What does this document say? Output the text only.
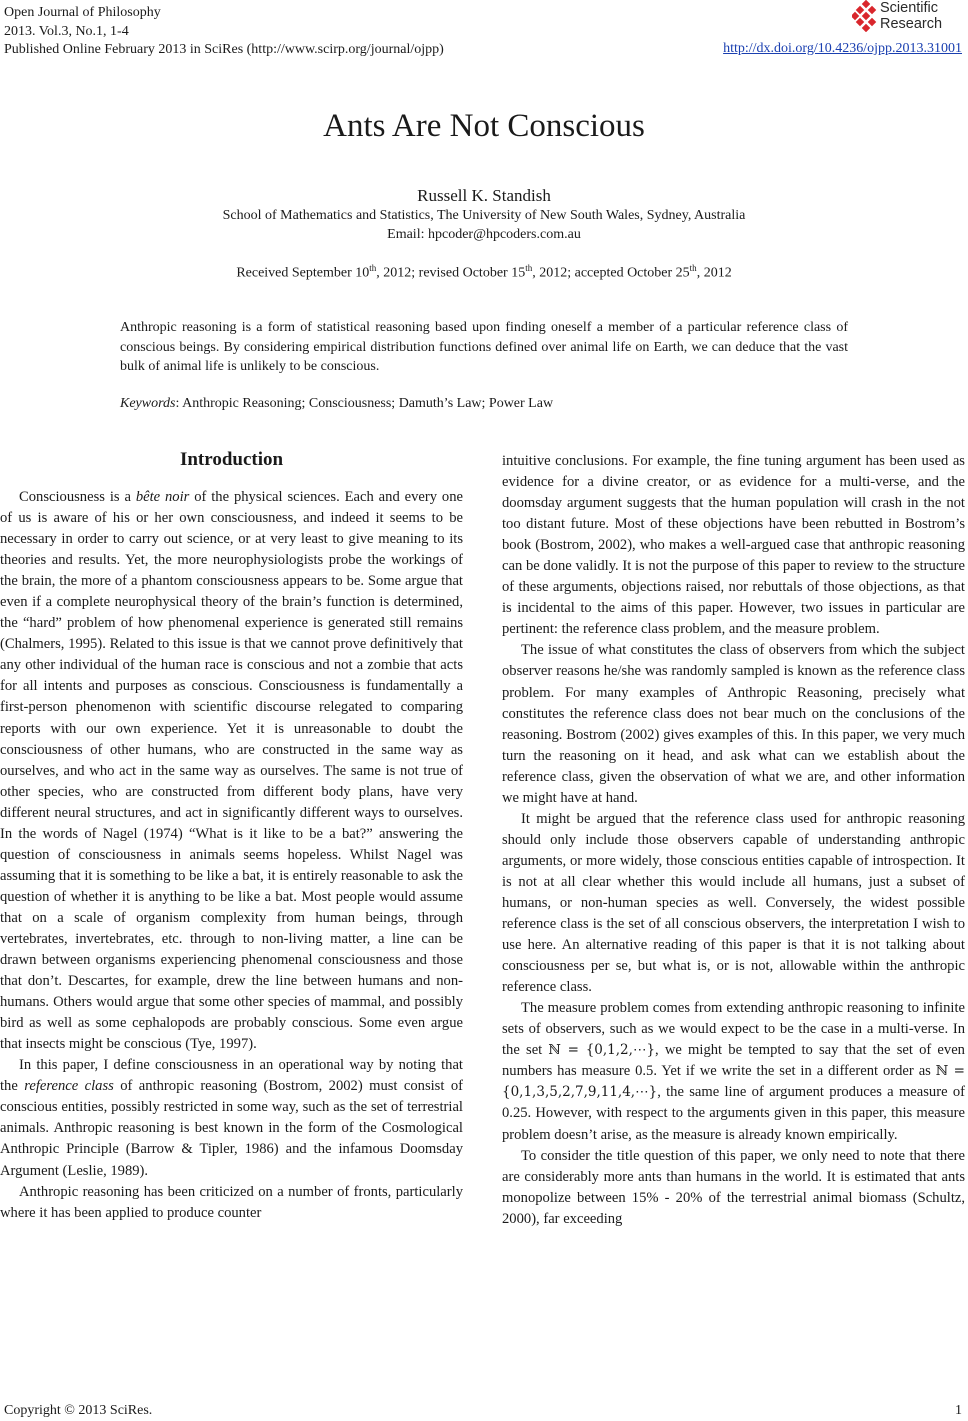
Open Journal of Philosophy
2013. Vol.3, No.1, 1-4
Published Online February 2013 in SciRes (http://www.scirp.org/journal/ojpp)
Scientific
Research
http://dx.doi.org/10.4236/ojpp.2013.31001
Ants Are Not Conscious
Russell K. Standish
School of Mathematics and Statistics, The University of New South Wales, Sydney, Australia
Email: hpcoder@hpcoders.com.au
Received September 10th, 2012; revised October 15th, 2012; accepted October 25th, 2012
Anthropic reasoning is a form of statistical reasoning based upon finding oneself a member of a particular reference class of conscious beings. By considering empirical distribution functions defined over animal life on Earth, we can deduce that the vast bulk of animal life is unlikely to be conscious.
Keywords: Anthropic Reasoning; Consciousness; Damuth’s Law; Power Law
Introduction

Consciousness is a bête noir of the physical sciences. Each and every one of us is aware of his or her own consciousness, and indeed it seems to be necessary in order to carry out science, or at very least to give meaning to its theories and results. Yet, the more neurophysiologists probe the workings of the brain, the more of a phantom consciousness appears to be. Some argue that even if a complete neurophysical theory of the brain’s function is determined, the “hard” problem of how phenomenal experience is generated still remains (Chalmers, 1995). Related to this issue is that we cannot prove definitively that any other individual of the human race is conscious and not a zombie that acts for all intents and purposes as conscious. Consciousness is fundamentally a first-person phenomenon with scientific discourse relegated to comparing reports with our own experience. Yet it is unreasonable to doubt the consciousness of other humans, who are constructed in the same way as ourselves, and who act in the same way as ourselves. The same is not true of other species, who are constructed from different body plans, have very different neural structures, and act in significantly different ways to ourselves. In the words of Nagel (1974) “What is it like to be a bat?” answering the question of consciousness in animals seems hopeless. Whilst Nagel was assuming that it is something to be like a bat, it is entirely reasonable to ask the question of whether it is anything to be like a bat. Most people would assume that on a scale of organism complexity from human beings, through vertebrates, invertebrates, etc. through to non-living matter, a line can be drawn between organisms experiencing phenomenal consciousness and those that don’t. Descartes, for example, drew the line between humans and non-humans. Others would argue that some other species of mammal, and possibly bird as well as some cephalopods are probably conscious. Some even argue that insects might be conscious (Tye, 1997).

In this paper, I define consciousness in an operational way by noting that the reference class of anthropic reasoning (Bostrom, 2002) must consist of conscious entities, possibly restricted in some way, such as the set of terrestrial animals. Anthropic reasoning is best known in the form of the Cosmological Anthropic Principle (Barrow & Tipler, 1986) and the infamous Doomsday Argument (Leslie, 1989).

Anthropic reasoning has been criticized on a number of fronts, particularly where it has been applied to produce counter

intuitive conclusions. For example, the fine tuning argument has been used as evidence for a divine creator, or as evidence for a multi-verse, and the doomsday argument suggests that the human population will crash in the not too distant future. Most of these objections have been rebutted in Bostrom’s book (Bostrom, 2002), who makes a well-argued case that anthropic reasoning can be done validly. It is not the purpose of this paper to review to the structure of these arguments, objections raised, nor rebuttals of those objections, as that is incidental to the aims of this paper. However, two issues in particular are pertinent: the reference class problem, and the measure problem.

The issue of what constitutes the class of observers from which the subject observer reasons he/she was randomly sampled is known as the reference class problem. For many examples of Anthropic Reasoning, precisely what constitutes the reference class does not bear much on the conclusions of the reasoning. Bostrom (2002) gives examples of this. In this paper, we very much turn the reasoning on it head, and ask what can we establish about the reference class, given the observation of what we are, and other information we might have at hand.

It might be argued that the reference class used for anthropic reasoning should only include those observers capable of understanding anthropic arguments, or more widely, those conscious entities capable of introspection. It is not at all clear whether this would include all humans, just a subset of humans, or non-human species as well. Conversely, the widest possible reference class is the set of all conscious observers, the interpretation I wish to use here. An alternative reading of this paper is that it is not talking about consciousness per se, but what is, or is not, allowable within the anthropic reference class.

The measure problem comes from extending anthropic reasoning to infinite sets of observers, such as we would expect to be the case in a multi-verse. In the set ℕ = {0,1,2,⋯}, we might be tempted to say that the set of even numbers has measure 0.5. Yet if we write the set in a different order as ℕ = {0,1,3,5,2,7,9,11,4,⋯}, the same line of argument produces a measure of 0.25. However, with respect to the arguments given in this paper, this measure problem doesn’t arise, as the measure is already known empirically.

To consider the title question of this paper, we only need to note that there are considerably more ants than humans in the world. It is estimated that ants monopolize between 15% - 20% of the terrestrial animal biomass (Schultz, 2000), far exceeding

Copyright © 2013 SciRes.	1
